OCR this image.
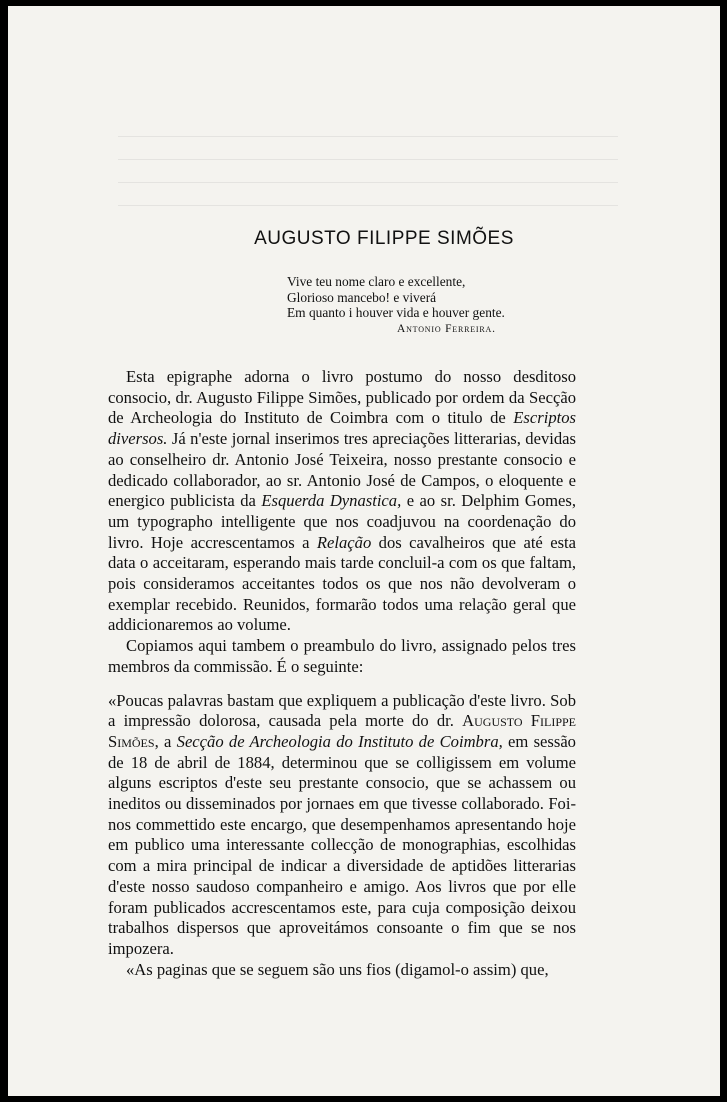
AUGUSTO FILIPPE SIMÕES
Vive teu nome claro e excellente,
Glorioso mancebo! e viverá
Em quanto i houver vida e houver gente.
Antonio Ferreira.

Esta epigraphe adorna o livro postumo do nosso desditoso consocio, dr. Augusto Filippe Simões, publicado por ordem da Secção de Archeologia do Instituto de Coimbra com o titulo de Escriptos diversos. Já n'este jornal inserimos tres apreciações litterarias, devidas ao conselheiro dr. Antonio José Teixeira, nosso prestante consocio e dedicado collaborador, ao sr. Antonio José de Campos, o eloquente e energico publicista da Esquerda Dynastica, e ao sr. Delphim Gomes, um typographo intelligente que nos coadjuvou na coordenação do livro. Hoje accrescentamos a Relação dos cavalheiros que até esta data o acceitaram, esperando mais tarde concluil-a com os que faltam, pois consideramos acceitantes todos os que nos não devolveram o exemplar recebido. Reunidos, formarão todos uma relação geral que addicionaremos ao volume.

Copiamos aqui tambem o preambulo do livro, assignado pelos tres membros da commissão. É o seguinte:

«Poucas palavras bastam que expliquem a publicação d'este livro. Sob a impressão dolorosa, causada pela morte do dr. Augusto Filippe Simões, a Secção de Archeologia do Instituto de Coimbra, em sessão de 18 de abril de 1884, determinou que se colligissem em volume alguns escriptos d'este seu prestante consocio, que se achassem ou ineditos ou disseminados por jornaes em que tivesse collaborado. Foi-nos commettido este encargo, que desempenhamos apresentando hoje em publico uma interessante collecção de monographias, escolhidas com a mira principal de indicar a diversidade de aptidões litterarias d'este nosso saudoso companheiro e amigo. Aos livros que por elle foram publicados accrescentamos este, para cuja composição deixou trabalhos dispersos que aproveitámos consoante o fim que se nos impozera.

«As paginas que se seguem são uns fios (digamol-o assim) que,
